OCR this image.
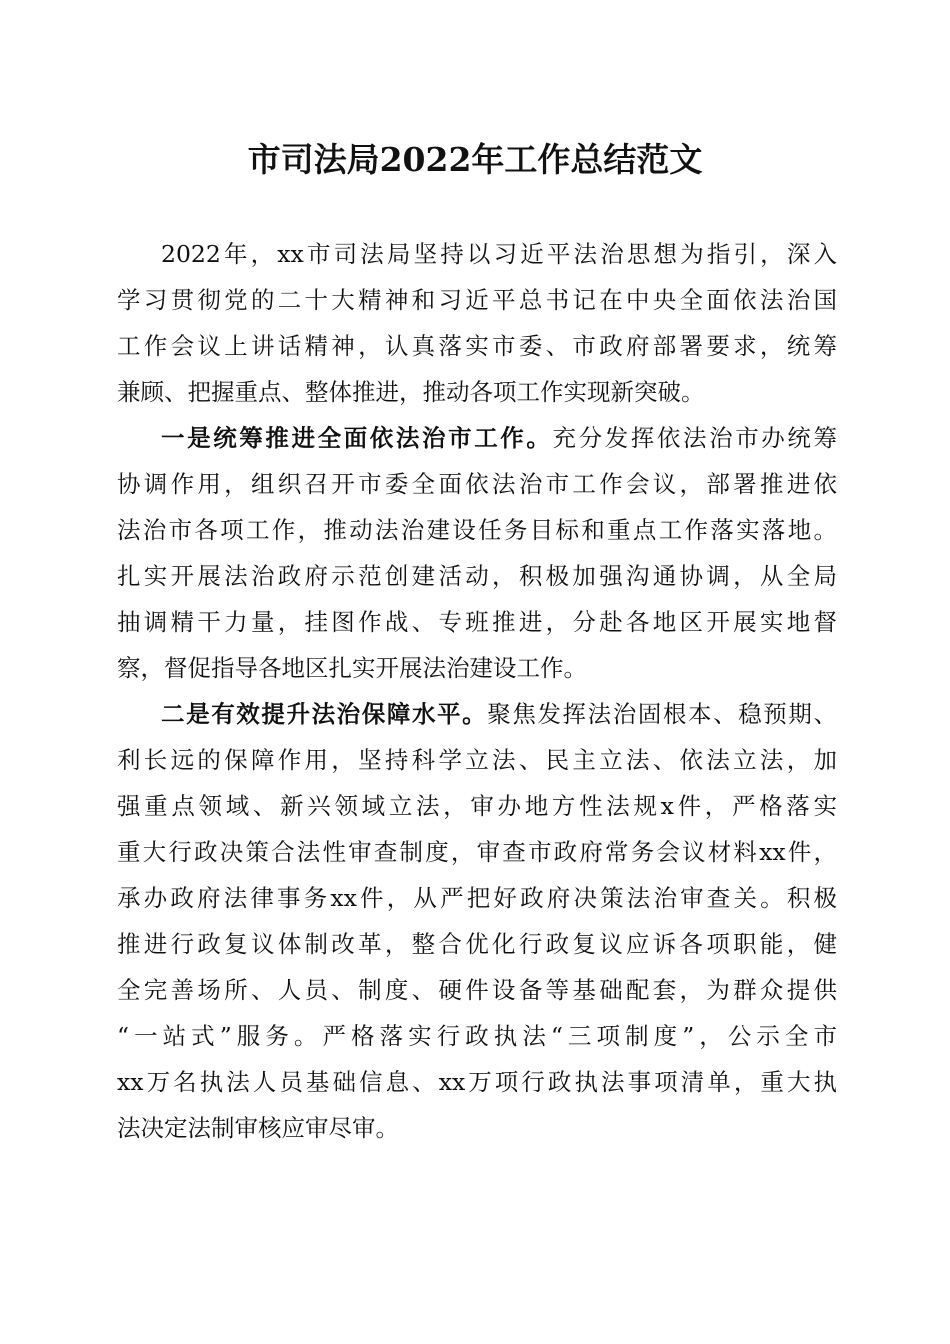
市司法局2022年工作总结范文
2022年，xx市司法局坚持以习近平法治思想为指引，深入
学习贯彻党的二十大精神和习近平总书记在中央全面依法治国
工作会议上讲话精神，认真落实市委、市政府部署要求，统筹
兼顾、把握重点、整体推进，推动各项工作实现新突破。
一是统筹推进全面依法治市工作。充分发挥依法治市办统筹
协调作用，组织召开市委全面依法治市工作会议，部署推进依
法治市各项工作，推动法治建设任务目标和重点工作落实落地。
扎实开展法治政府示范创建活动，积极加强沟通协调，从全局
抽调精干力量，挂图作战、专班推进，分赴各地区开展实地督
察，督促指导各地区扎实开展法治建设工作。
二是有效提升法治保障水平。聚焦发挥法治固根本、稳预期、
利长远的保障作用，坚持科学立法、民主立法、依法立法，加
强重点领域、新兴领域立法，审办地方性法规x件，严格落实
重大行政决策合法性审查制度，审查市政府常务会议材料xx件，
承办政府法律事务xx件，从严把好政府决策法治审查关。积极
推进行政复议体制改革，整合优化行政复议应诉各项职能，健
全完善场所、人员、制度、硬件设备等基础配套，为群众提供
“一站式”服务。严格落实行政执法“三项制度”，公示全市
xx万名执法人员基础信息、xx万项行政执法事项清单，重大执
法决定法制审核应审尽审。
